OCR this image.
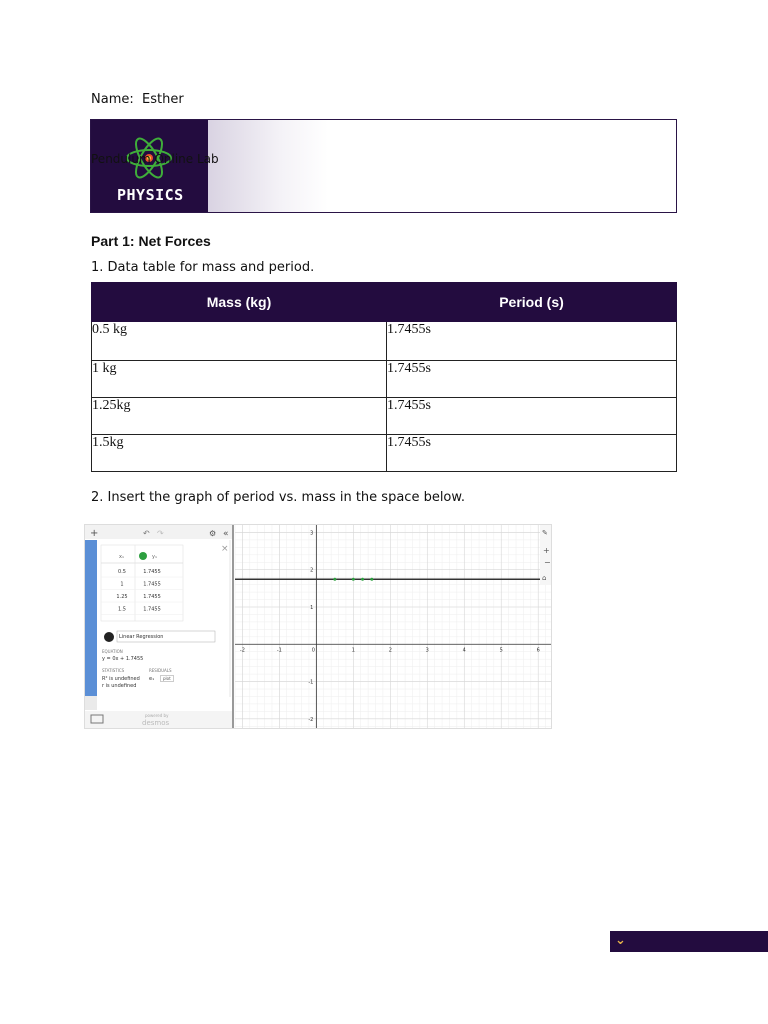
Name: Esther
PHYSICS
Pendulum Online Lab
Part 1: Net Forces
1. Data table for mass and period.
Mass (kg)	Period (s)
0.5 kg	1.7455s
1 kg	1.7455s
1.25kg	1.7455s
1.5kg	1.7455s
2. Insert the graph of period vs. mass in the space below.
+	↶ ↷	⚙ «
×
0.5	1.7455
1	1.7455
1.25	1.7455
1.5	1.7455
-2	-1	0	1	2	3	4	5	6
3
2
1
-1
-2
✎
+
−
⌂
Linear Regression
EQUATION
y = 0x + 1.7455
STATISTICS	RESIDUALS
R² is undefined
r is undefined
e₁	plot
powered by
desmos
x₁	y₁
⌄
